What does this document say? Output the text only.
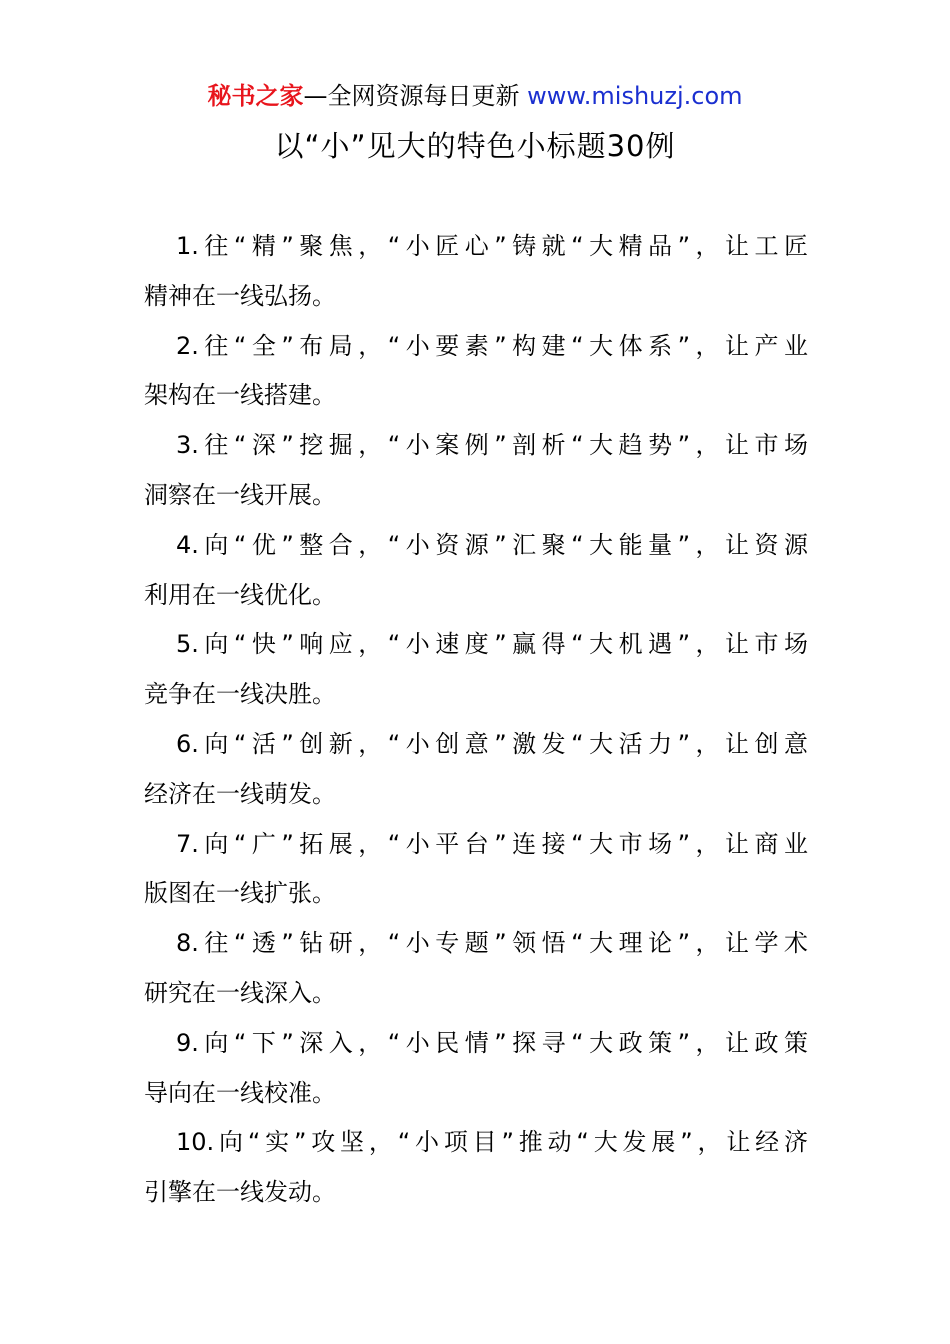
秘书之家—全网资源每日更新 www.mishuzj.com
以“小”见大的特色小标题30例

1.往“精”聚焦，“小匠心”铸就“大精品”，让工匠
精神在一线弘扬。

2.往“全”布局，“小要素”构建“大体系”，让产业
架构在一线搭建。

3.往“深”挖掘，“小案例”剖析“大趋势”，让市场
洞察在一线开展。

4.向“优”整合，“小资源”汇聚“大能量”，让资源
利用在一线优化。

5.向“快”响应，“小速度”赢得“大机遇”，让市场
竞争在一线决胜。

6.向“活”创新，“小创意”激发“大活力”，让创意
经济在一线萌发。

7.向“广”拓展，“小平台”连接“大市场”，让商业
版图在一线扩张。

8.往“透”钻研，“小专题”领悟“大理论”，让学术
研究在一线深入。

9.向“下”深入，“小民情”探寻“大政策”，让政策
导向在一线校准。

10.向“实”攻坚，“小项目”推动“大发展”，让经济
引擎在一线发动。
